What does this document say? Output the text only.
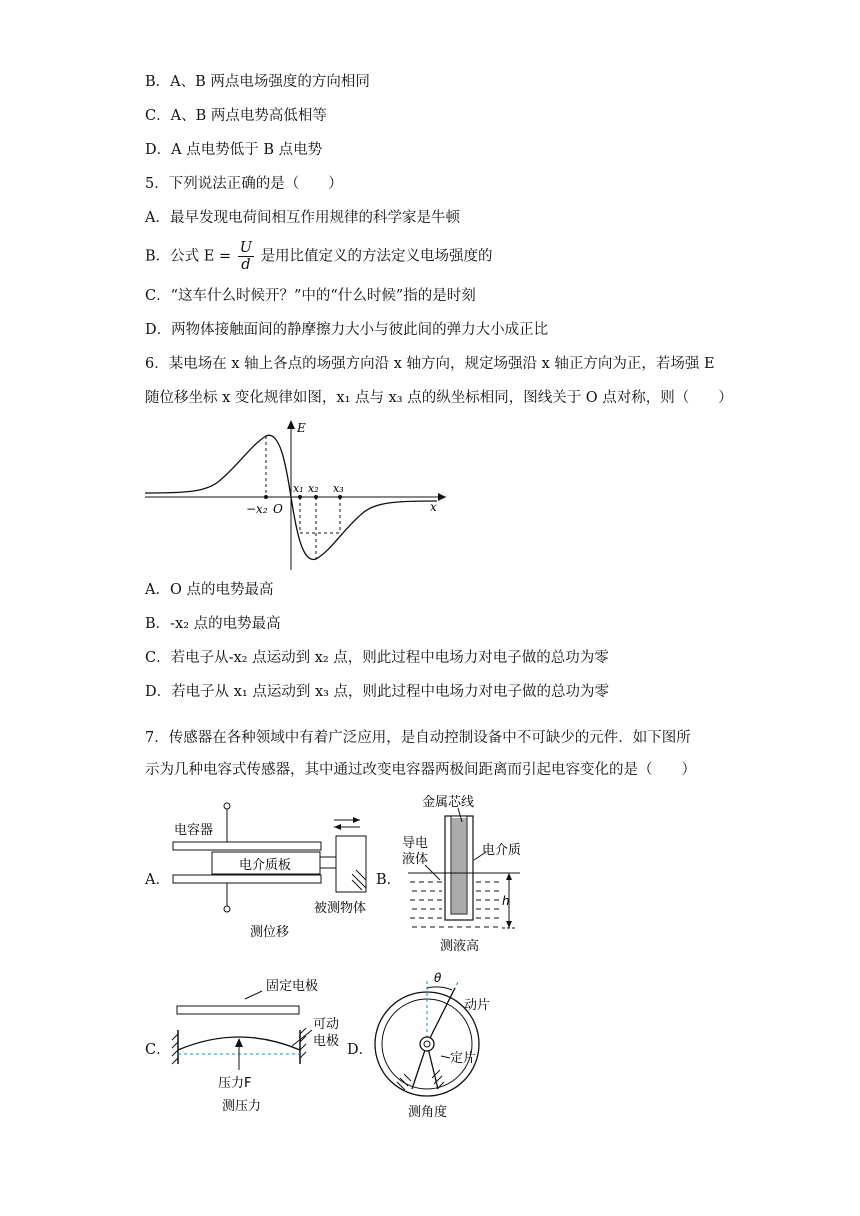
B．A、B 两点电场强度的方向相同
C．A、B 两点电势高低相等
D．A 点电势低于 B 点电势
5．下列说法正确的是（　　）
A．最早发现电荷间相互作用规律的科学家是牛顿
B．公式 $E = \frac{U}{d}$ 是用比值定义的方法定义电场强度的
C．“这车什么时候开？”中的“什么时候”指的是时刻
D．两物体接触面间的静摩擦力大小与彼此间的弹力大小成正比
6．某电场在 x 轴上各点的场强方向沿 x 轴方向，规定场强沿 x 轴正方向为正，若场强 E
随位移坐标 x 变化规律如图，x₁ 点与 x₃ 点的纵坐标相同，图线关于 O 点对称，则（　　）
E
x
O
−x₂
x₁ x₂ x₃
A．O 点的电势最高
B．-x₂ 点的电势最高
C．若电子从-x₂ 点运动到 x₂ 点，则此过程中电场力对电子做的总功为零
D．若电子从 x₁ 点运动到 x₃ 点，则此过程中电场力对电子做的总功为零
7．传感器在各种领域中有着广泛应用，是自动控制设备中不可缺少的元件．如下图所
示为几种电容式传感器，其中通过改变电容器两极间距离而引起电容变化的是（　　）
A．
电容器
电介质板
被测物体
测位移
B．
金属芯线
导电
液体
电介质
h
测液高
C．
固定电极
可动
电极
压力F
测压力
D．
θ
动片
定片
测角度
